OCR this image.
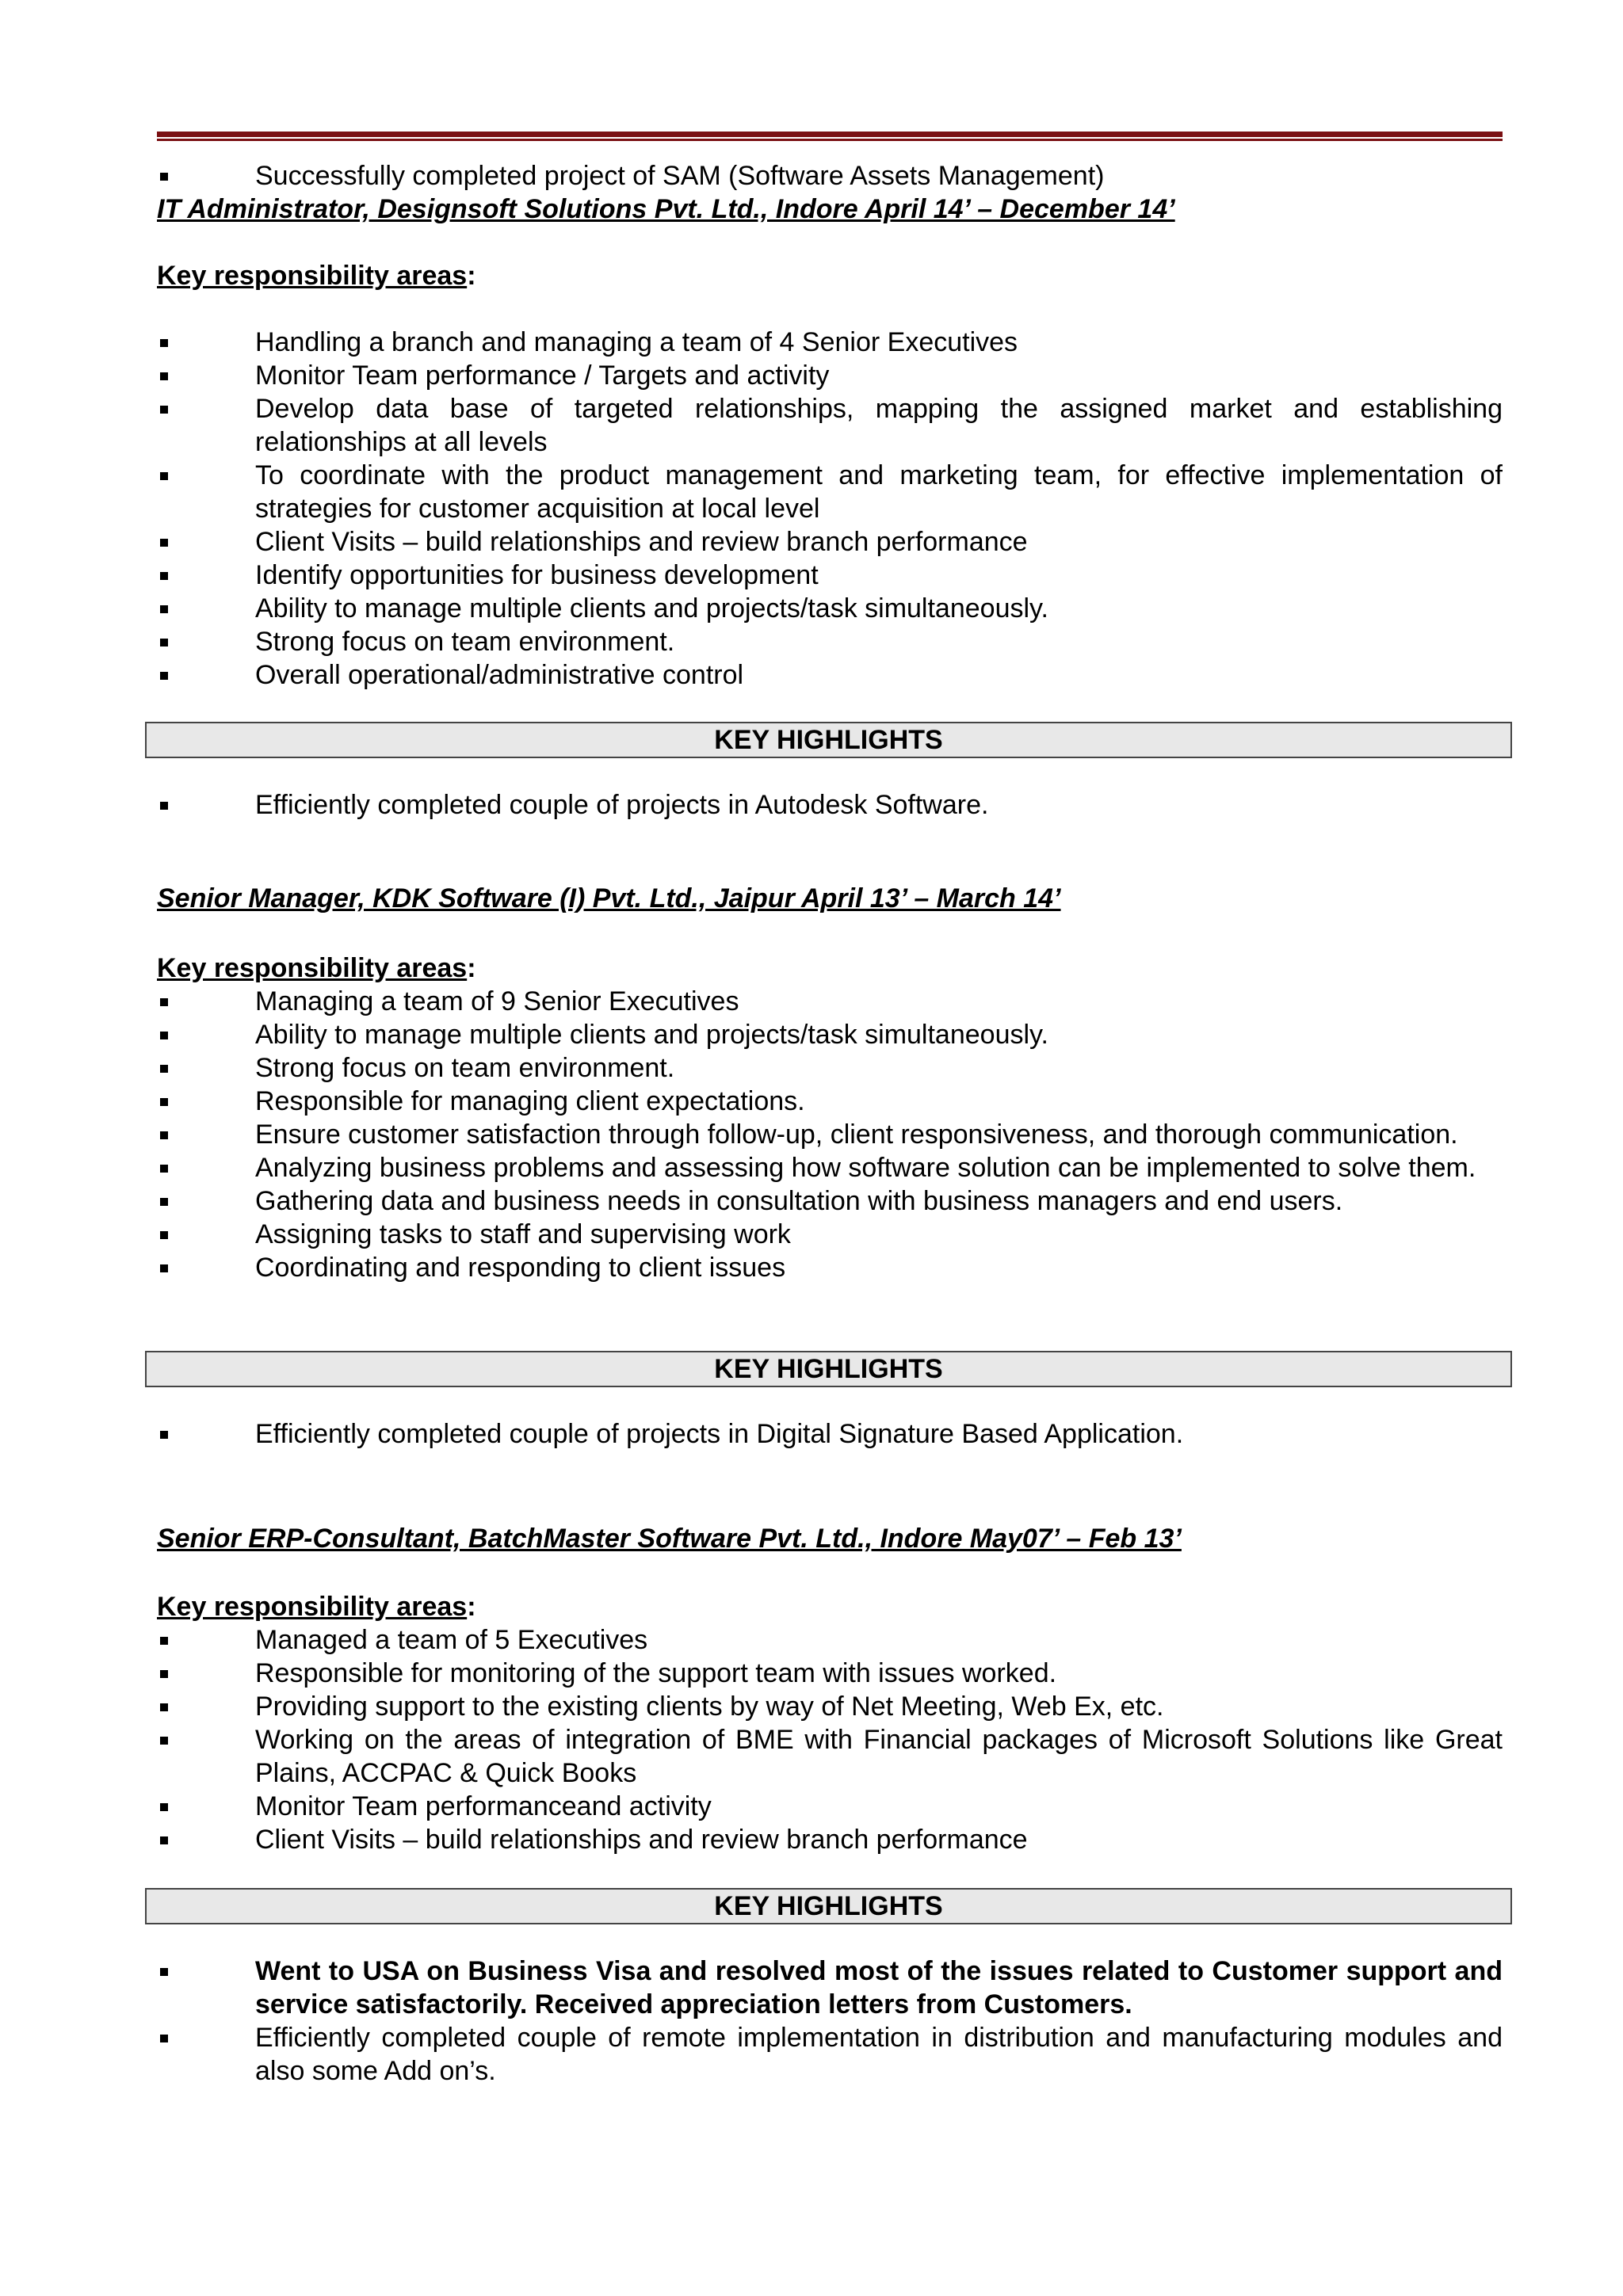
Successfully completed project of SAM (Software Assets Management)

IT Administrator, Designsoft Solutions Pvt. Ltd., Indore April 14’ – December 14’

Key responsibility areas:

Handling a branch and managing a team of 4 Senior Executives
Monitor Team performance / Targets and activity
Develop data base of targeted relationships, mapping the assigned market and establishing relationships at all levels
To coordinate with the product management and marketing team, for effective implementation of strategies for customer acquisition at local level
Client Visits – build relationships and review branch performance
Identify opportunities for business development
Ability to manage multiple clients and projects/task simultaneously.
Strong focus on team environment.
Overall operational/administrative control
KEY HIGHLIGHTS
Efficiently completed couple of projects in Autodesk Software.

Senior Manager, KDK Software (I) Pvt. Ltd., Jaipur April 13’ – March 14’

Key responsibility areas:

Managing a team of 9 Senior Executives
Ability to manage multiple clients and projects/task simultaneously.
Strong focus on team environment.
Responsible for managing client expectations.
Ensure customer satisfaction through follow-up, client responsiveness, and thorough communication.
Analyzing business problems and assessing how software solution can be implemented to solve them.
Gathering data and business needs in consultation with business managers and end users.
Assigning tasks to staff and supervising work
Coordinating and responding to client issues
KEY HIGHLIGHTS
Efficiently completed couple of projects in Digital Signature Based Application.

Senior ERP-Consultant, BatchMaster Software Pvt. Ltd., Indore May07’ – Feb 13’

Key responsibility areas:

Managed a team of 5 Executives
Responsible for monitoring of the support team with issues worked.
Providing support to the existing clients by way of Net Meeting, Web Ex, etc.
Working on the areas of integration of BME with Financial packages of Microsoft Solutions like Great Plains, ACCPAC & Quick Books
Monitor Team performanceand activity
Client Visits – build relationships and review branch performance
KEY HIGHLIGHTS
Went to USA on Business Visa and resolved most of the issues related to Customer support and service satisfactorily. Received appreciation letters from Customers.
Efficiently completed couple of remote implementation in distribution and manufacturing modules and also some Add on’s.
